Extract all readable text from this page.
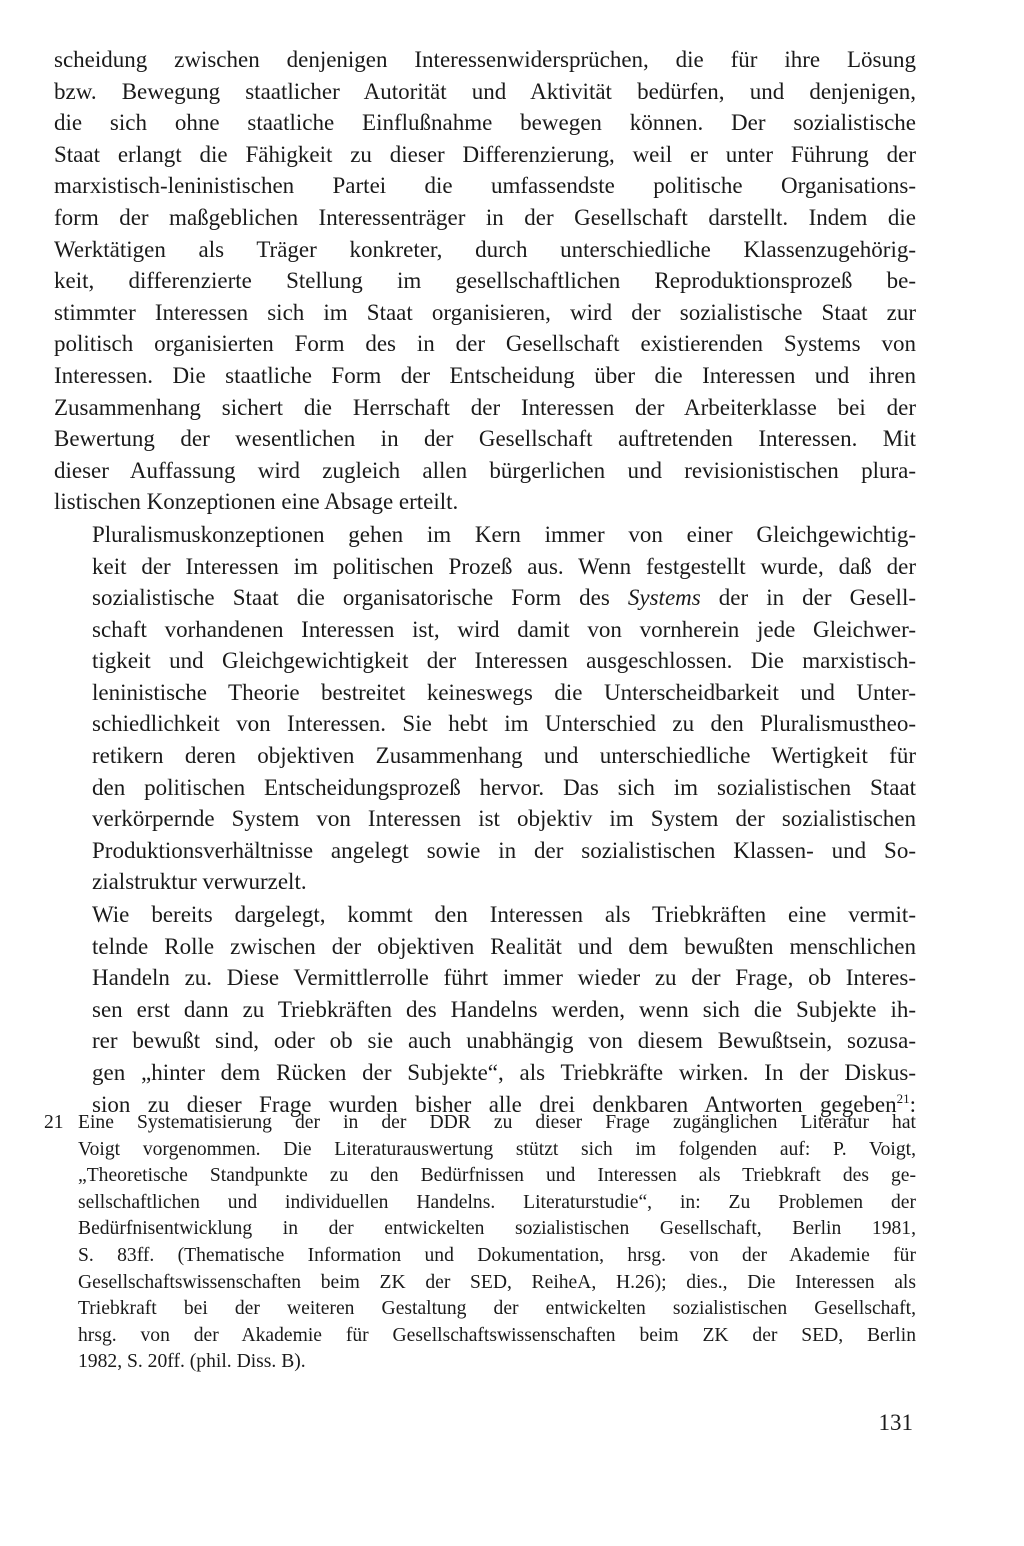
scheidung zwischen denjenigen Interessenwidersprüchen, die für ihre Lösung
bzw. Bewegung staatlicher Autorität und Aktivität bedürfen, und denjenigen,
die sich ohne staatliche Einflußnahme bewegen können. Der sozialistische
Staat erlangt die Fähigkeit zu dieser Differenzierung, weil er unter Führung der
marxistisch-leninistischen Partei die umfassendste politische Organisations-
form der maßgeblichen Interessenträger in der Gesellschaft darstellt. Indem die
Werktätigen als Träger konkreter, durch unterschiedliche Klassenzugehörig-
keit, differenzierte Stellung im gesellschaftlichen Reproduktionsprozeß be-
stimmter Interessen sich im Staat organisieren, wird der sozialistische Staat zur
politisch organisierten Form des in der Gesellschaft existierenden Systems von
Interessen. Die staatliche Form der Entscheidung über die Interessen und ihren
Zusammenhang sichert die Herrschaft der Interessen der Arbeiterklasse bei der
Bewertung der wesentlichen in der Gesellschaft auftretenden Interessen. Mit
dieser Auffassung wird zugleich allen bürgerlichen und revisionistischen plura-
listischen Konzeptionen eine Absage erteilt.

Pluralismuskonzeptionen gehen im Kern immer von einer Gleichgewichtig-
keit der Interessen im politischen Prozeß aus. Wenn festgestellt wurde, daß der
sozialistische Staat die organisatorische Form des Systems der in der Gesell-
schaft vorhandenen Interessen ist, wird damit von vornherein jede Gleichwer-
tigkeit und Gleichgewichtigkeit der Interessen ausgeschlossen. Die marxistisch-
leninistische Theorie bestreitet keineswegs die Unterscheidbarkeit und Unter-
schiedlichkeit von Interessen. Sie hebt im Unterschied zu den Pluralismustheo-
retikern deren objektiven Zusammenhang und unterschiedliche Wertigkeit für
den politischen Entscheidungsprozeß hervor. Das sich im sozialistischen Staat
verkörpernde System von Interessen ist objektiv im System der sozialistischen
Produktionsverhältnisse angelegt sowie in der sozialistischen Klassen- und So-
zialstruktur verwurzelt.

Wie bereits dargelegt, kommt den Interessen als Triebkräften eine vermit-
telnde Rolle zwischen der objektiven Realität und dem bewußten menschlichen
Handeln zu. Diese Vermittlerrolle führt immer wieder zu der Frage, ob Interes-
sen erst dann zu Triebkräften des Handelns werden, wenn sich die Subjekte ih-
rer bewußt sind, oder ob sie auch unabhängig von diesem Bewußtsein, sozusa-
gen „hinter dem Rücken der Subjekte“, als Triebkräfte wirken. In der Diskus-
sion zu dieser Frage wurden bisher alle drei denkbaren Antworten gegeben$^{21}$:

21 Eine Systematisierung der in der DDR zu dieser Frage zugänglichen Literatur hat
Voigt vorgenommen. Die Literaturauswertung stützt sich im folgenden auf: P. Voigt,
„Theoretische Standpunkte zu den Bedürfnissen und Interessen als Triebkraft des ge-
sellschaftlichen und individuellen Handelns. Literaturstudie“, in: Zu Problemen der
Bedürfnisentwicklung in der entwickelten sozialistischen Gesellschaft, Berlin 1981,
S. 83ff. (Thematische Information und Dokumentation, hrsg. von der Akademie für
Gesellschaftswissenschaften beim ZK der SED, ReiheA, H.26); dies., Die Interessen als
Triebkraft bei der weiteren Gestaltung der entwickelten sozialistischen Gesellschaft,
hrsg. von der Akademie für Gesellschaftswissenschaften beim ZK der SED, Berlin
1982, S. 20ff. (phil. Diss. B).
131
